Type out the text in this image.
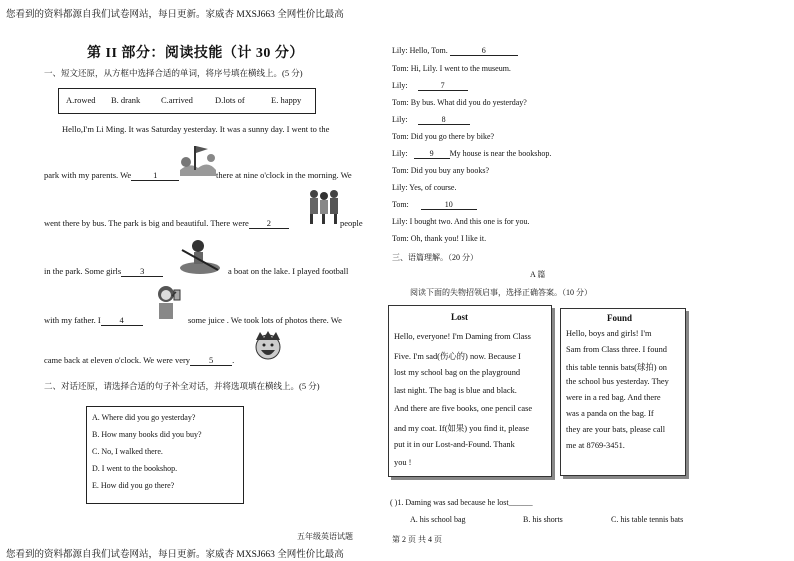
您看到的资料都源自我们试卷网站，每日更新。家威杏 MXSJ663 全网性价比最高
第 II 部分：阅读技能（计 30 分）
一、短文还原，从方框中选择合适的单词，将序号填在横线上。(5 分)
A.rowed B. drank C.arrived	D.lots of	E. happy
Hello,I'm Li Ming. It was Saturday yesterday. It was a sunny day. I went to the
park with my parents. We	1	there at nine o'clock in the morning. We
went there by bus. The park is big and beautiful. There were 2	people
in the park. Some girls 3	a boat on the lake. I played football
with my father. I 4	some juice . We took lots of photos there. We
came back at eleven o'clock. We were very 5 .
二、对话还原，请选择合适的句子补全对话，并将选项填在横线上。(5 分)
A. Where did you go yesterday?
B. How many books did you buy?
C. No, I walked there.
D. I went to the bookshop.
E. How did you go there?
Lily: Hello, Tom.	6
Tom: Hi, Lily. I went to the museum.
Lily:	7
Tom: By bus. What did you do yesterday?
Lily:	8
Tom: Did you go there by bike?
Lily:	9 My house is near the bookshop.
Tom: Did you buy any books?
Lily: Yes, of course.
Tom:	10
Lily: I bought two. And this one is for you.
Tom: Oh, thank you! I like it.
三、语篇理解。（20 分）
A 篇
阅读下面的失物招领启事，选择正确答案。（10 分）
Lost
Hello, everyone! I'm Daming from Class
Five. I'm sad(伤心的) now. Because I
lost my school bag on the playground
last night. The bag is blue and black.
And there are five books, one pencil case
and my coat. If(如果) you find it, please
put it in our Lost-and-Found. Thank
you !
Found
Hello, boys and girls! I'm
Sam from Class three. I found
this table tennis bats(球拍) on
the school bus yesterday. They
were in a red bag. And there
was a panda on the bag. If
they are your bats, please call
me at 8769-3451.
( )1. Daming was sad because he lost______
A. his school bag	B. his shorts	C. his table tennis bats
五年级英语试题	第 2 页 共 4 页
您看到的资料都源自我们试卷网站，每日更新。家威杏 MXSJ663 全网性价比最高
